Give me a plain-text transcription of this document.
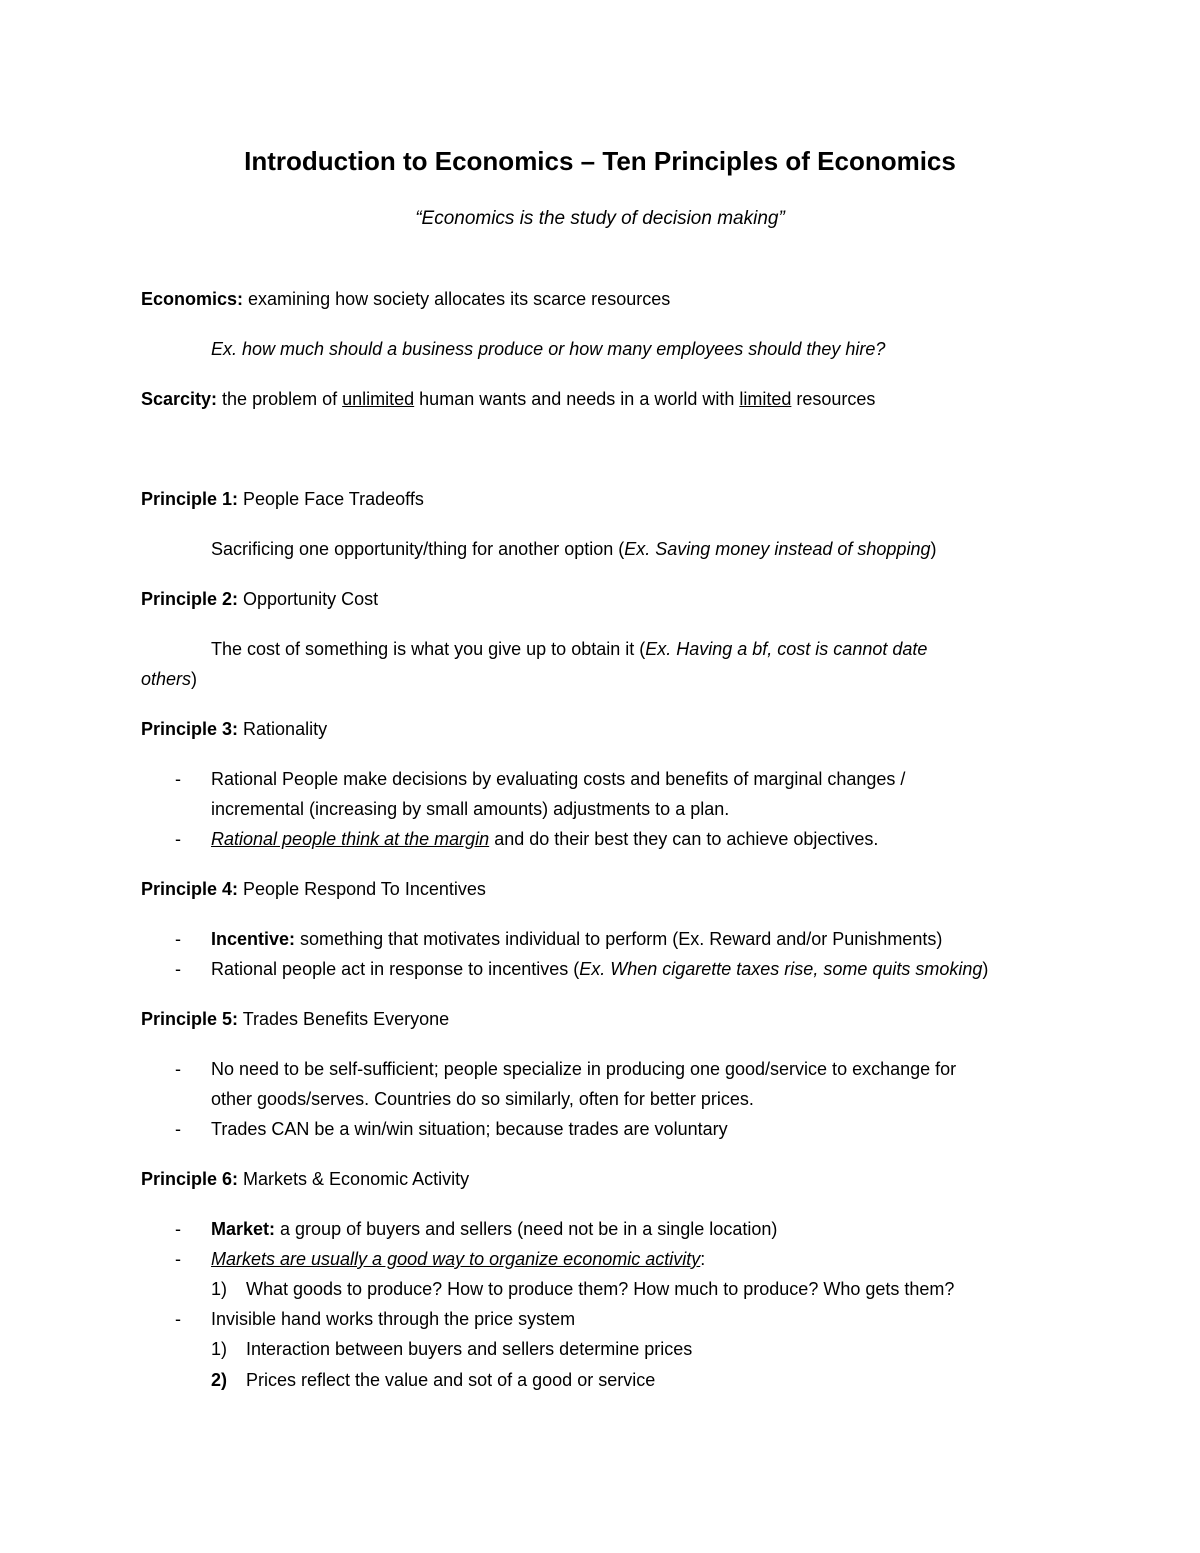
Introduction to Economics – Ten Principles of Economics
“Economics is the study of decision making”
Economics: examining how society allocates its scarce resources
Ex. how much should a business produce or how many employees should they hire?
Scarcity: the problem of unlimited human wants and needs in a world with limited resources
Principle 1: People Face Tradeoffs
Sacrificing one opportunity/thing for another option (Ex. Saving money instead of shopping)
Principle 2: Opportunity Cost
The cost of something is what you give up to obtain it (Ex. Having a bf, cost is cannot date
others)
Principle 3: Rationality
- Rational People make decisions by evaluating costs and benefits of marginal changes /
incremental (increasing by small amounts) adjustments to a plan.
- Rational people think at the margin and do their best they can to achieve objectives.
Principle 4: People Respond To Incentives
- Incentive: something that motivates individual to perform (Ex. Reward and/or Punishments)
- Rational people act in response to incentives (Ex. When cigarette taxes rise, some quits smoking)
Principle 5: Trades Benefits Everyone
- No need to be self-sufficient; people specialize in producing one good/service to exchange for
other goods/serves. Countries do so similarly, often for better prices.
- Trades CAN be a win/win situation; because trades are voluntary
Principle 6: Markets & Economic Activity
- Market: a group of buyers and sellers (need not be in a single location)
- Markets are usually a good way to organize economic activity:
1) What goods to produce? How to produce them? How much to produce? Who gets them?
- Invisible hand works through the price system
1) Interaction between buyers and sellers determine prices
2) Prices reflect the value and sot of a good or service
